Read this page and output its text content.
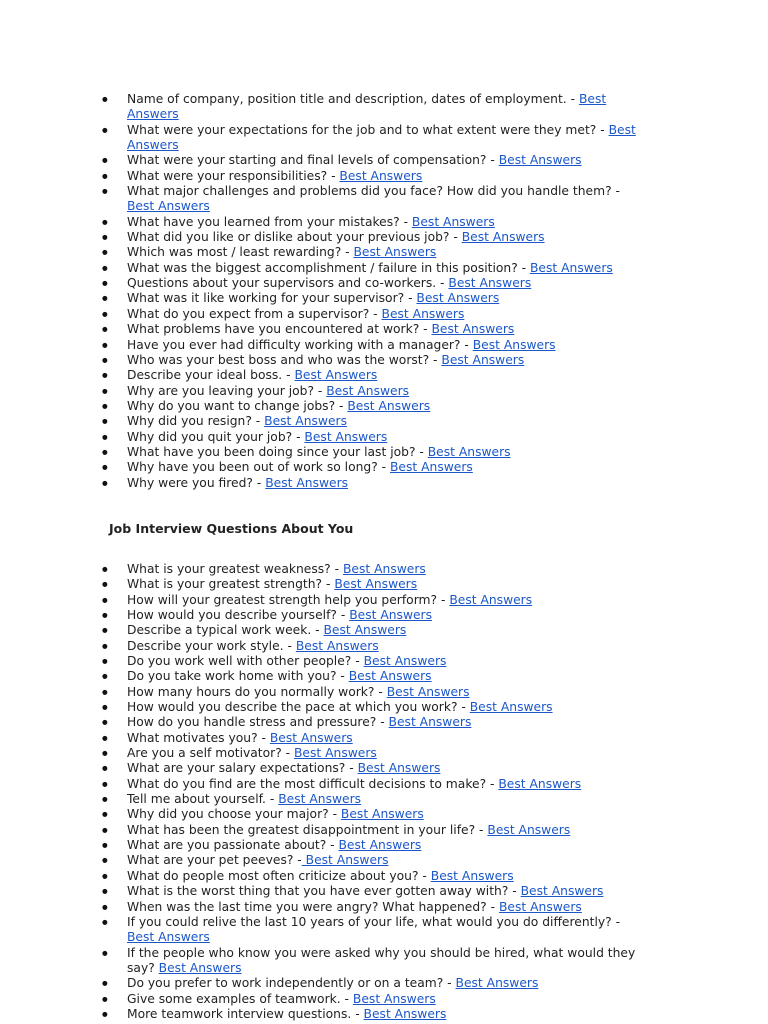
● Name of company, position title and description, dates of employment. - Best Answers
● What were your expectations for the job and to what extent were they met? - Best Answers
● What were your starting and final levels of compensation? - Best Answers
● What were your responsibilities? - Best Answers
● What major challenges and problems did you face? How did you handle them? - Best Answers
● What have you learned from your mistakes? - Best Answers
● What did you like or dislike about your previous job? - Best Answers
● Which was most / least rewarding? - Best Answers
● What was the biggest accomplishment / failure in this position? - Best Answers
● Questions about your supervisors and co-workers. - Best Answers
● What was it like working for your supervisor? - Best Answers
● What do you expect from a supervisor? - Best Answers
● What problems have you encountered at work? - Best Answers
● Have you ever had difficulty working with a manager? - Best Answers
● Who was your best boss and who was the worst? - Best Answers
● Describe your ideal boss. - Best Answers
● Why are you leaving your job? - Best Answers
● Why do you want to change jobs? - Best Answers
● Why did you resign? - Best Answers
● Why did you quit your job? - Best Answers
● What have you been doing since your last job? - Best Answers
● Why have you been out of work so long? - Best Answers
● Why were you fired? - Best Answers
Job Interview Questions About You
● What is your greatest weakness? - Best Answers
● What is your greatest strength? - Best Answers
● How will your greatest strength help you perform? - Best Answers
● How would you describe yourself? - Best Answers
● Describe a typical work week. - Best Answers
● Describe your work style. - Best Answers
● Do you work well with other people? - Best Answers
● Do you take work home with you? - Best Answers
● How many hours do you normally work? - Best Answers
● How would you describe the pace at which you work? - Best Answers
● How do you handle stress and pressure? - Best Answers
● What motivates you? - Best Answers
● Are you a self motivator? - Best Answers
● What are your salary expectations? - Best Answers
● What do you find are the most difficult decisions to make? - Best Answers
● Tell me about yourself. - Best Answers
● Why did you choose your major? - Best Answers
● What has been the greatest disappointment in your life? - Best Answers
● What are you passionate about? - Best Answers
● What are your pet peeves? - Best Answers
● What do people most often criticize about you? - Best Answers
● What is the worst thing that you have ever gotten away with? - Best Answers
● When was the last time you were angry? What happened? - Best Answers
● If you could relive the last 10 years of your life, what would you do differently? - Best Answers
● If the people who know you were asked why you should be hired, what would they say? Best Answers
● Do you prefer to work independently or on a team? - Best Answers
● Give some examples of teamwork. - Best Answers
● More teamwork interview questions. - Best Answers
